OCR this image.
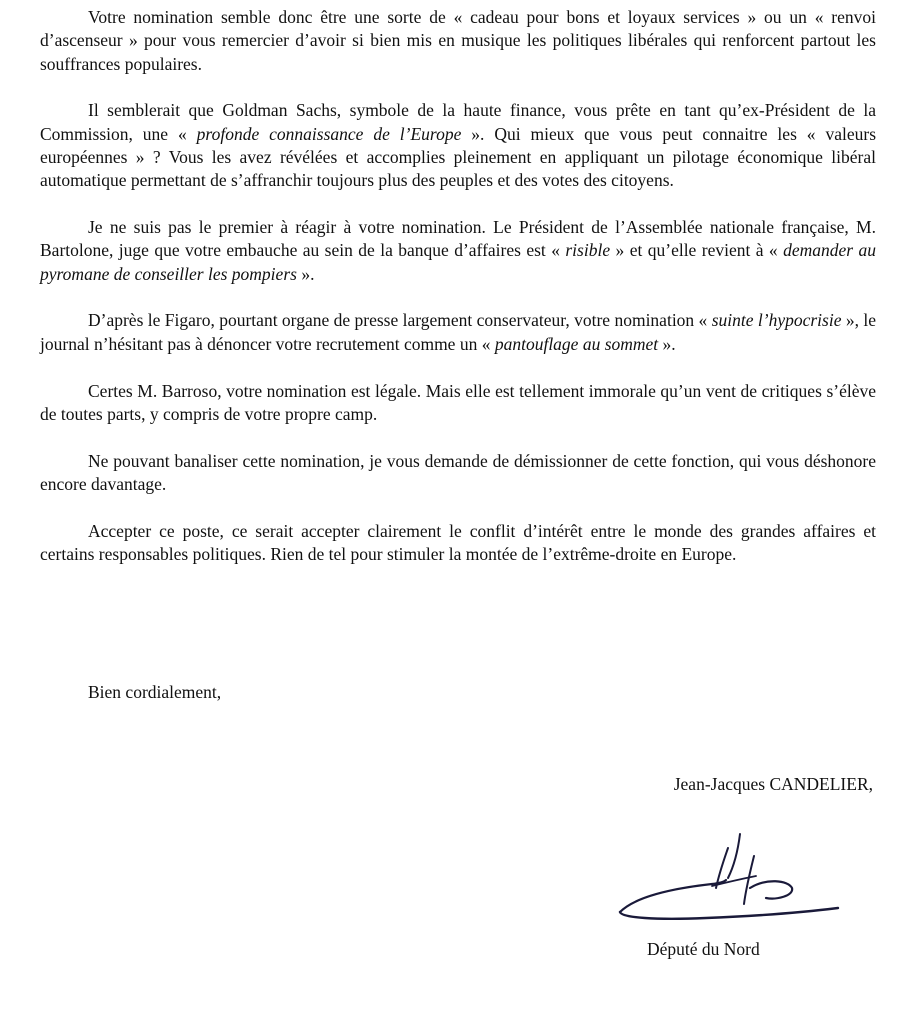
Votre nomination semble donc être une sorte de « cadeau pour bons et loyaux services » ou un « renvoi d’ascenseur » pour vous remercier d’avoir si bien mis en musique les politiques libérales qui renforcent partout les souffrances populaires.

Il semblerait que Goldman Sachs, symbole de la haute finance, vous prête en tant qu’ex-Président de la Commission, une « profonde connaissance de l’Europe ». Qui mieux que vous peut connaitre les « valeurs européennes » ? Vous les avez révélées et accomplies pleinement en appliquant un pilotage économique libéral automatique permettant de s’affranchir toujours plus des peuples et des votes des citoyens.

Je ne suis pas le premier à réagir à votre nomination. Le Président de l’Assemblée nationale française, M. Bartolone, juge que votre embauche au sein de la banque d’affaires est « risible » et qu’elle revient à « demander au pyromane de conseiller les pompiers ».

D’après le Figaro, pourtant organe de presse largement conservateur, votre nomination « suinte l’hypocrisie », le journal n’hésitant pas à dénoncer votre recrutement comme un « pantouflage au sommet ».

Certes M. Barroso, votre nomination est légale. Mais elle est tellement immorale qu’un vent de critiques s’élève de toutes parts, y compris de votre propre camp.

Ne pouvant banaliser cette nomination, je vous demande de démissionner de cette fonction, qui vous déshonore encore davantage.

Accepter ce poste, ce serait accepter clairement le conflit d’intérêt entre le monde des grandes affaires et certains responsables politiques. Rien de tel pour stimuler la montée de l’extrême-droite en Europe.

Bien cordialement,

Jean-Jacques CANDELIER,

Député du Nord
